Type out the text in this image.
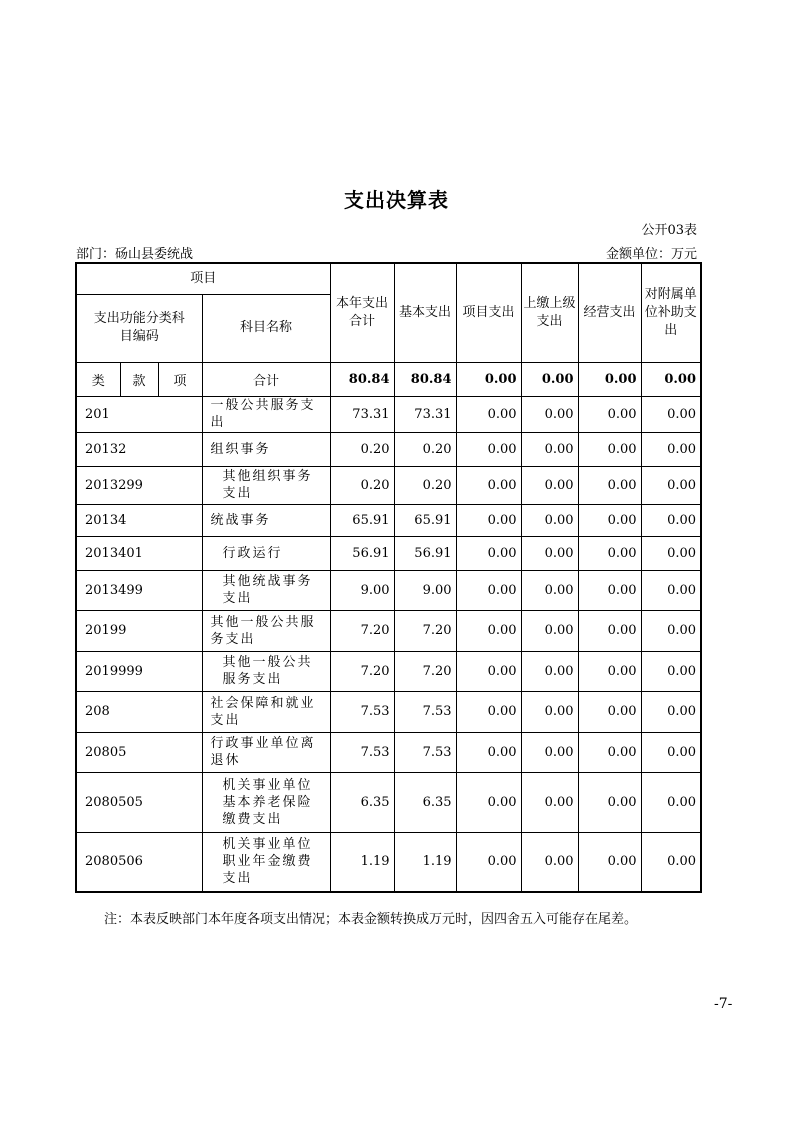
支出决算表
公开03表
部门：砀山县委统战	金额单位：万元
项目				本年支出合计	基本支出	项目支出	上缴上级支出	经营支出	对附属单位补助支出
支出功能分类科目编码			科目名称						
类	款	项	合计	80.84	80.84	0.00	0.00	0.00	0.00
201			一般公共服务支出	73.31	73.31	0.00	0.00	0.00	0.00
20132			组织事务	0.20	0.20	0.00	0.00	0.00	0.00
2013299			其他组织事务支出	0.20	0.20	0.00	0.00	0.00	0.00
20134			统战事务	65.91	65.91	0.00	0.00	0.00	0.00
2013401			行政运行	56.91	56.91	0.00	0.00	0.00	0.00
2013499			其他统战事务支出	9.00	9.00	0.00	0.00	0.00	0.00
20199			其他一般公共服务支出	7.20	7.20	0.00	0.00	0.00	0.00
2019999			其他一般公共服务支出	7.20	7.20	0.00	0.00	0.00	0.00
208			社会保障和就业支出	7.53	7.53	0.00	0.00	0.00	0.00
20805			行政事业单位离退休	7.53	7.53	0.00	0.00	0.00	0.00
2080505			机关事业单位基本养老保险缴费支出	6.35	6.35	0.00	0.00	0.00	0.00
2080506			机关事业单位职业年金缴费支出	1.19	1.19	0.00	0.00	0.00	0.00
注：本表反映部门本年度各项支出情况；本表金额转换成万元时，因四舍五入可能存在尾差。
-7-
